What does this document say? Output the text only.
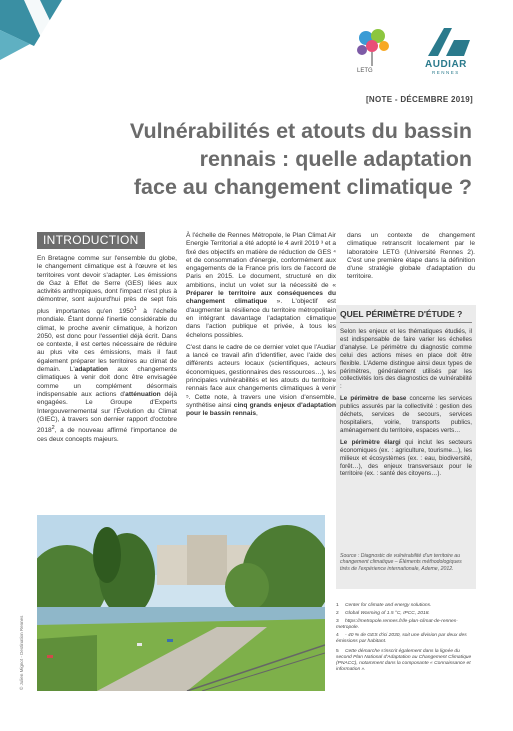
LETG
AUDIAR
RENNES
[NOTE - DÉCEMBRE 2019]
Vulnérabilités et atouts du bassin
rennais : quelle adaptation
face au changement climatique ?
INTRODUCTION

En Bretagne comme sur l'ensemble du globe, le changement climatique est à l'œuvre et les territoires vont devoir s'adapter. Les émissions de Gaz à Effet de Serre (GES) liées aux activités anthropiques, dont l'impact n'est plus à démontrer, sont aujourd'hui près de sept fois plus importantes qu'en 1950$^1$ à l'échelle mondiale. Étant donné l'inertie considérable du climat, le proche avenir climatique, à horizon 2050, est donc pour l'essentiel déjà écrit. Dans ce contexte, il est certes nécessaire de réduire au plus vite ces émissions, mais il faut également préparer les territoires au climat de demain. L'adaptation aux changements climatiques à venir doit donc être envisagée comme un complément désormais indispensable aux actions d'atténuation déjà engagées. Le Groupe d'Experts Intergouvernemental sur l'Évolution du Climat (GIEC), à travers son dernier rapport d'octobre 2018$^2$, a de nouveau affirmé l'importance de ces deux concepts majeurs.

À l'échelle de Rennes Métropole, le Plan Climat Air Energie Territorial a été adopté le 4 avril 2019 ³ et a fixé des objectifs en matière de réduction de GES ⁴ et de consommation d'énergie, conformément aux engagements de la France pris lors de l'accord de Paris en 2015. Le document, structuré en dix ambitions, inclut un volet sur la nécessité de « Préparer le territoire aux conséquences du changement climatique ». L'objectif est d'augmenter la résilience du territoire métropolitain en intégrant davantage l'adaptation climatique dans l'action publique et privée, à tous les échelons possibles.

C'est dans le cadre de ce dernier volet que l'Audiar a lancé ce travail afin d'identifier, avec l'aide des différents acteurs locaux (scientifiques, acteurs économiques, gestionnaires des ressources…), les principales vulnérabilités et les atouts du territoire rennais face aux changements climatiques à venir ⁵. Cette note, à travers une vision d'ensemble, synthétise ainsi cinq grands enjeux d'adaptation pour le bassin rennais,

dans un contexte de changement climatique retranscrit localement par le laboratoire LETG (Université Rennes 2). C'est une première étape dans la définition d'une stratégie globale d'adaptation du territoire.

QUEL PÉRIMÈTRE D'ÉTUDE ?

Selon les enjeux et les thématiques étudiés, il est indispensable de faire varier les échelles d'analyse. Le périmètre du diagnostic comme celui des actions mises en place doit être flexible. L'Ademe distingue ainsi deux types de périmètres, généralement utilisés par les collectivités lors des diagnostics de vulnérabilité :

Le périmètre de base concerne les services publics assurés par la collectivité : gestion des déchets, services de secours, services hospitaliers, voirie, transports publics, aménagement du territoire, espaces verts…

Le périmètre élargi qui inclut les secteurs économiques (ex. : agriculture, tourisme…), les milieux et écosystèmes (ex. : eau, biodiversité, forêt…), des enjeux transversaux pour le territoire (ex. : santé des citoyens…).

Source : Diagnostic de vulnérabilité d'un territoire au changement climatique – Éléments méthodologiques tirés de l'expérience internationale, Ademe, 2012.
© Julien Mignot - Destination Rennes
1 Center for climate and energy solutions.
2 Global Warming of 1.5 °C, IPCC, 2018.
3 https://metropole.rennes.fr/le-plan-climat-de-rennes-metropole.
4 - 40 % de GES d'ici 2030, soit une division par deux des émissions par habitant.
5 Cette démarche s'inscrit également dans la lignée du second Plan National d'Adaptation au Changement Climatique (PNACC), notamment dans la composante « Connaissance et information ».
